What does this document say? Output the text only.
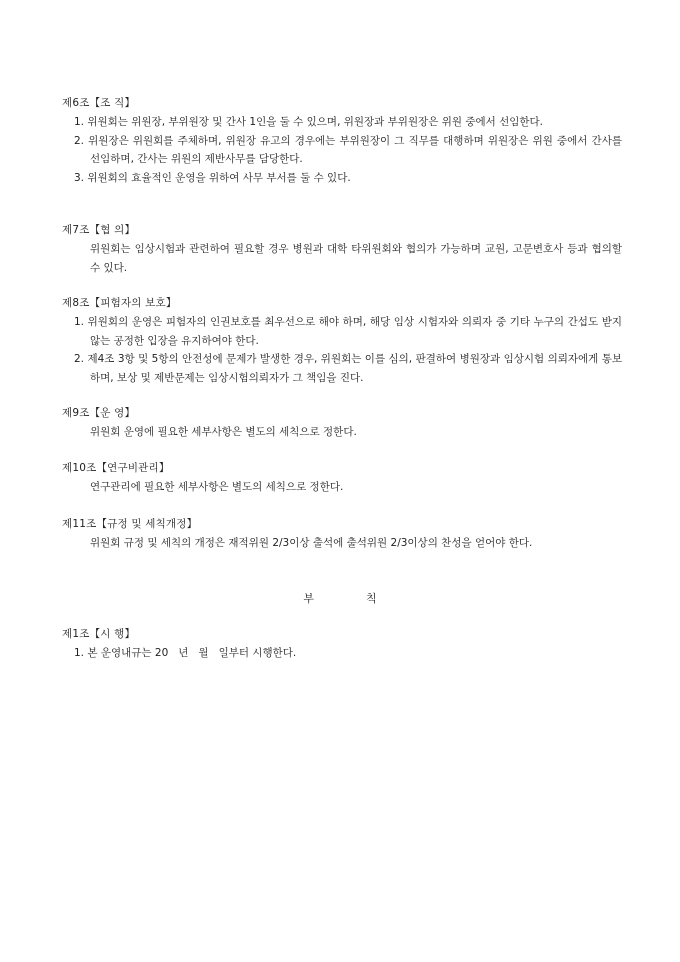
제6조【조 직】
1. 위원회는 위원장, 부위원장 및 간사 1인을 둘 수 있으며, 위원장과 부위원장은 위원 중에서 선임한다.
2. 위원장은 위원회를 주체하며, 위원장 유고의 경우에는 부위원장이 그 직무를 대행하며 위원장은 위원 중에서 간사를 선임하며, 간사는 위원의 제반사무를 담당한다.
3. 위원회의 효율적인 운영을 위하여 사무 부서를 둘 수 있다.
제7조【협 의】
위원회는 임상시험과 관련하여 필요할 경우 병원과 대학 타위원회와 협의가 가능하며 교원, 고문변호사 등과 협의할 수 있다.
제8조【피험자의 보호】
1. 위원회의 운영은 피험자의 인권보호를 최우선으로 해야 하며, 해당 임상 시험자와 의뢰자 중 기타 누구의 간섭도 받지 않는 공정한 입장을 유지하여야 한다.
2. 제4조 3항 및 5항의 안전성에 문제가 발생한 경우, 위원회는 이를 심의, 판결하여 병원장과 임상시험 의뢰자에게 통보하며, 보상 및 제반문제는 임상시험의뢰자가 그 책임을 진다.
제9조【운 영】
위원회 운영에 필요한 세부사항은 별도의 세칙으로 정한다.
제10조【연구비관리】
연구관리에 필요한 세부사항은 별도의 세칙으로 정한다.
제11조【규정 및 세칙개정】
위원회 규정 및 세칙의 개정은 재적위원 2/3이상 출석에 출석위원 2/3이상의 찬성을 얻어야 한다.
부	칙
제1조【시 행】
1. 본 운영내규는 20   년   월   일부터 시행한다.
